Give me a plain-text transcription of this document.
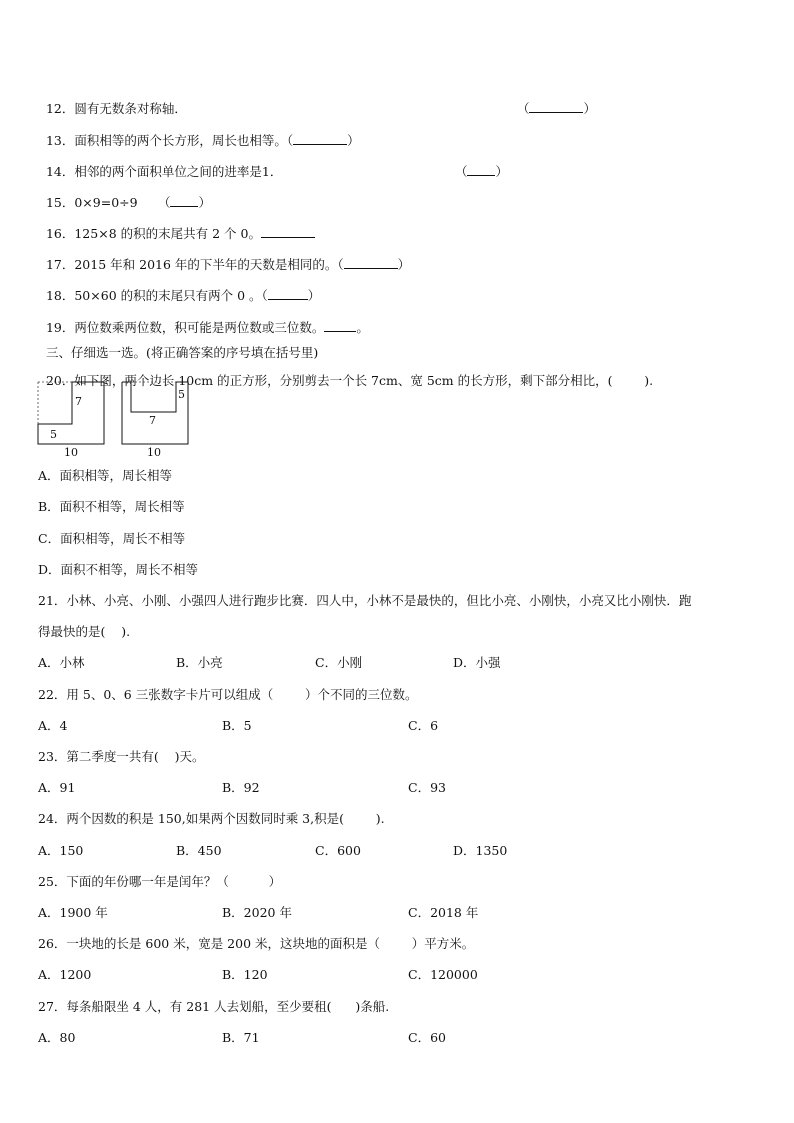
12．圆有无数条对称轴．	（	）

13．面积相等的两个长方形，周长也相等。（	）

14．相邻的两个面积单位之间的进率是1．	（ ）

15．0×9=0÷9	（ ）

16．125×8 的积的末尾共有 2 个 0。

17．2015 年和 2016 年的下半年的天数是相同的。（	）

18．50×60 的积的末尾只有两个 0 。（	）

19．两位数乘两位数，积可能是两位数或三位数。	。

三、仔细选一选。(将正确答案的序号填在括号里)

20．如下图，两个边长 10cm 的正方形，分别剪去一个长 7cm、宽 5cm 的长方形，剩下部分相比，(        ).

7
5
10
5
7
10
A．面积相等，周长相等
B．面积不相等，周长相等
C．面积相等，周长不相等
D．面积不相等，周长不相等
21．小林、小亮、小刚、小强四人进行跑步比赛．四人中，小林不是最快的，但比小亮、小刚快，小亮又比小刚快．跑
得最快的是(    ).
A．小林	B．小亮	C．小刚	D．小强
22．用 5、0、6 三张数字卡片可以组成（        ）个不同的三位数。
A．4	B．5	C．6
23．第二季度一共有(    )天。
A．91	B．92	C．93
24．两个因数的积是 150,如果两个因数同时乘 3,积是(        ).
A．150	B．450	C．600	D．1350
25．下面的年份哪一年是闰年？（          ）
A．1900 年	B．2020 年	C．2018 年
26．一块地的长是 600 米，宽是 200 米，这块地的面积是（        ）平方米。
A．1200	B．120	C．120000
27．每条船限坐 4 人，有 281 人去划船，至少要租(      )条船.
A．80	B．71	C．60
